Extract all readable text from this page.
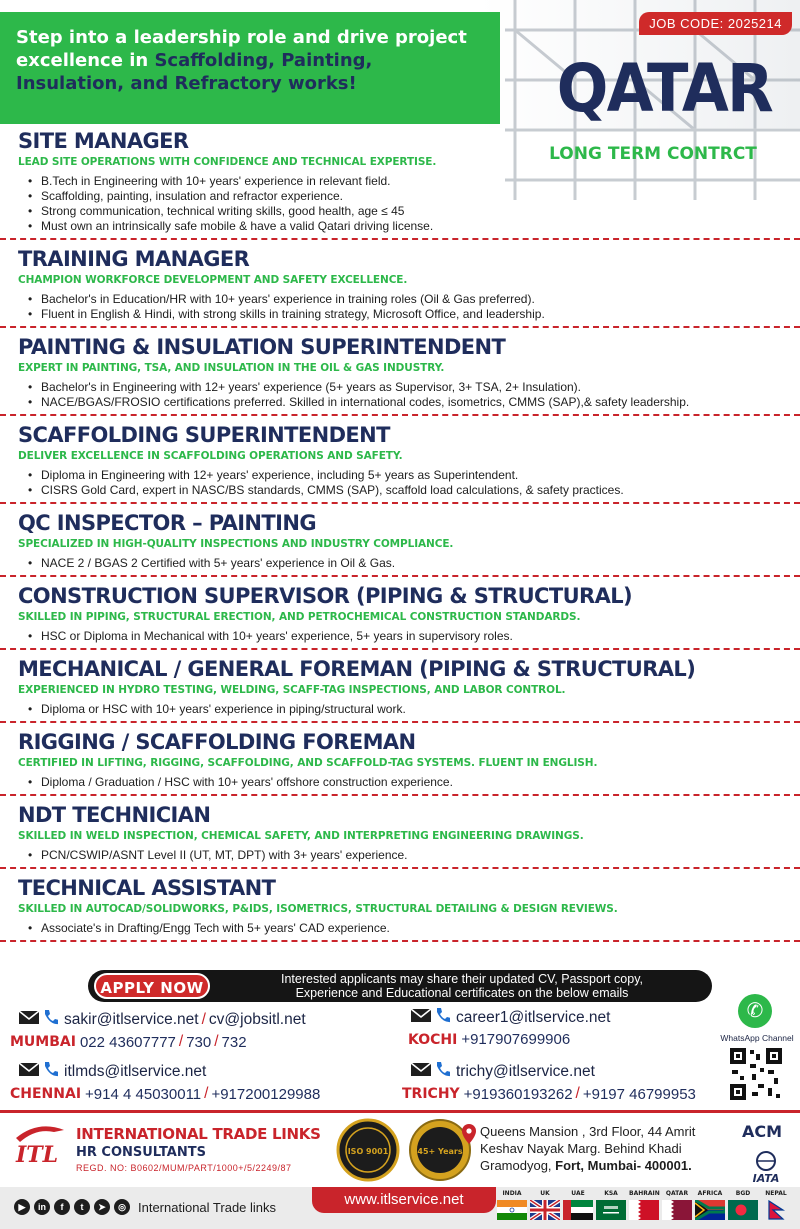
Step into a leadership role and drive project excellence in Scaffolding, Painting, Insulation, and Refractory works!

JOB CODE: 2025214
QATAR
LONG TERM CONTRCT
SITE MANAGER
LEAD SITE OPERATIONS WITH CONFIDENCE AND TECHNICAL EXPERTISE.
• B.Tech in Engineering with 10+ years' experience in relevant field.
• Scaffolding, painting, insulation and refractor experience.
• Strong communication, technical writing skills, good health, age ≤ 45
• Must own an intrinsically safe mobile & have a valid Qatari driving license.
TRAINING MANAGER
CHAMPION WORKFORCE DEVELOPMENT AND SAFETY EXCELLENCE.
• Bachelor's in Education/HR with 10+ years' experience in training roles (Oil & Gas preferred).
• Fluent in English & Hindi, with strong skills in training strategy, Microsoft Office, and leadership.
PAINTING & INSULATION SUPERINTENDENT
EXPERT IN PAINTING, TSA, AND INSULATION IN THE OIL & GAS INDUSTRY.
• Bachelor's in Engineering with 12+ years' experience (5+ years as Supervisor, 3+ TSA, 2+ Insulation).
• NACE/BGAS/FROSIO certifications preferred. Skilled in international codes, isometrics, CMMS (SAP),& safety leadership.
SCAFFOLDING SUPERINTENDENT
DELIVER EXCELLENCE IN SCAFFOLDING OPERATIONS AND SAFETY.
• Diploma in Engineering with 12+ years' experience, including 5+ years as Superintendent.
• CISRS Gold Card, expert in NASC/BS standards, CMMS (SAP), scaffold load calculations, & safety practices.
QC INSPECTOR – PAINTING
SPECIALIZED IN HIGH-QUALITY INSPECTIONS AND INDUSTRY COMPLIANCE.
• NACE 2 / BGAS 2 Certified with 5+ years' experience in Oil & Gas.
CONSTRUCTION SUPERVISOR (PIPING & STRUCTURAL)
SKILLED IN PIPING, STRUCTURAL ERECTION, AND PETROCHEMICAL CONSTRUCTION STANDARDS.
• HSC or Diploma in Mechanical with 10+ years' experience, 5+ years in supervisory roles.
MECHANICAL / GENERAL FOREMAN (PIPING & STRUCTURAL)
EXPERIENCED IN HYDRO TESTING, WELDING, SCAFF-TAG INSPECTIONS, AND LABOR CONTROL.
• Diploma or HSC with 10+ years' experience in piping/structural work.
RIGGING / SCAFFOLDING FOREMAN
CERTIFIED IN LIFTING, RIGGING, SCAFFOLDING, AND SCAFFOLD-TAG SYSTEMS. FLUENT IN ENGLISH.
• Diploma / Graduation / HSC with 10+ years' offshore construction experience.
NDT TECHNICIAN
SKILLED IN WELD INSPECTION, CHEMICAL SAFETY, AND INTERPRETING ENGINEERING DRAWINGS.
• PCN/CSWIP/ASNT Level II (UT, MT, DPT) with 3+ years' experience.
TECHNICAL ASSISTANT
SKILLED IN AUTOCAD/SOLIDWORKS, P&IDS, ISOMETRICS, STRUCTURAL DETAILING & DESIGN REVIEWS.
• Associate's in Drafting/Engg Tech with 5+ years' CAD experience.
APPLY NOW	Interested applicants may share their updated CV, Passport copy,
Experience and Educational certificates on the below emails
sakir@itlservice.net / cv@jobsitl.net
MUMBAI 022 43607777 / 730 / 732
career1@itlservice.net
KOCHI +917907699906
itlmds@itlservice.net
CHENNAI +914 4 45030011 / +917200129988
trichy@itlservice.net
TRICHY +919360193262 / +9197 46799953
✆
WhatsApp Channel
ITL
INTERNATIONAL TRADE LINKS
HR CONSULTANTS
REGD. NO: B0602/MUM/PART/1000+/5/2249/87
ISO 9001	45+ Years
Queens Mansion , 3rd Floor, 44 Amrit
Keshav Nayak Marg. Behind Khadi
Gramodyog, Fort, Mumbai- 400001.
ACM
IATA
▶	in	f	t	➤	◎ International Trade links	www.itlservice.net	INDIA	UK	UAE	KSA	BAHRAIN	QATAR	AFRICA	BGD	NEPAL
